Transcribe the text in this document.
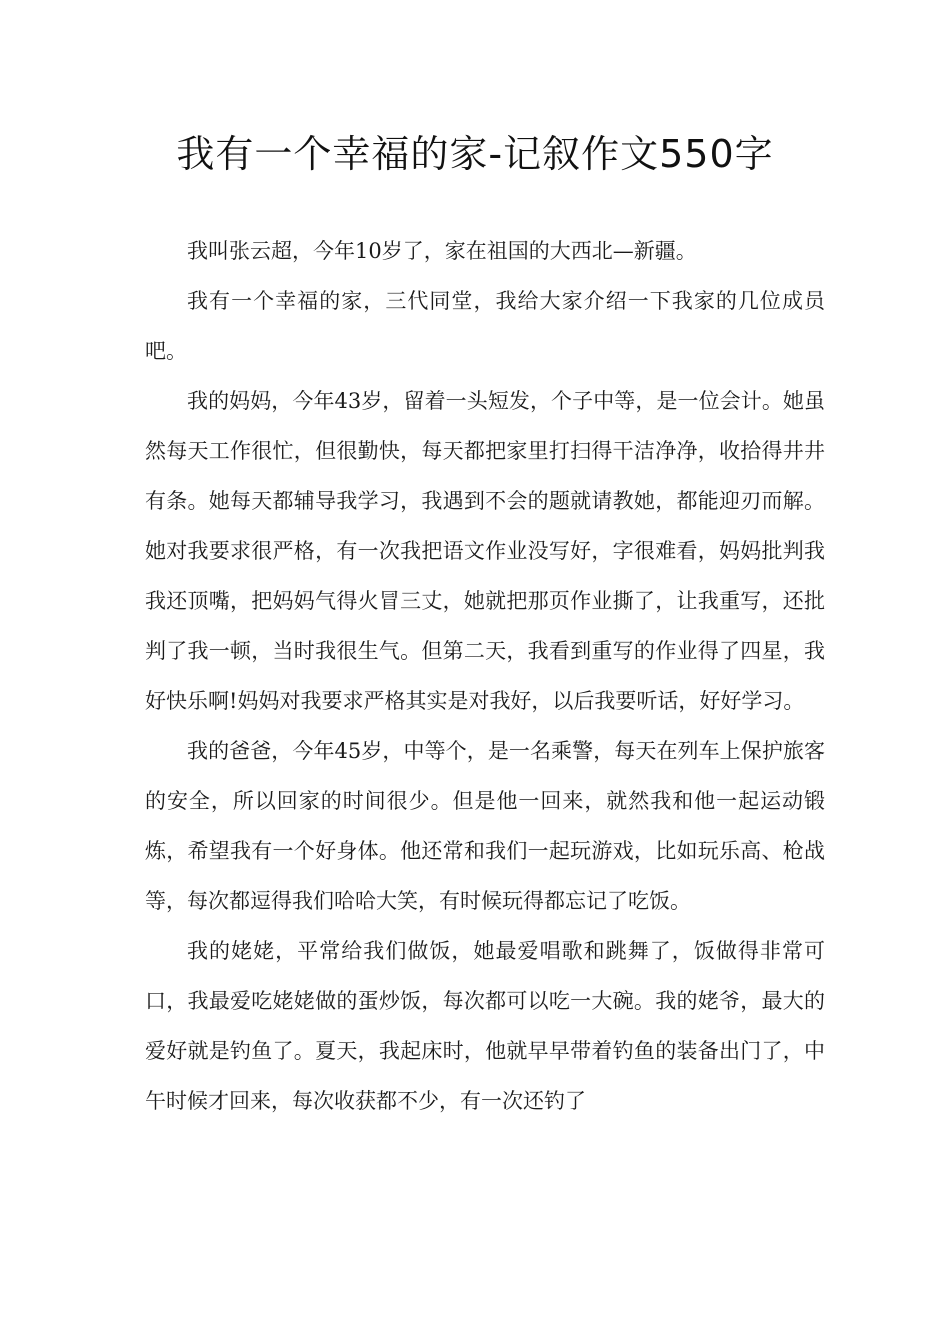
我有一个幸福的家-记叙作文550字

我叫张云超，今年10岁了，家在祖国的大西北—新疆。

我有一个幸福的家，三代同堂，我给大家介绍一下我家的几位成员吧。

我的妈妈，今年43岁，留着一头短发，个子中等，是一位会计。她虽然每天工作很忙，但很勤快，每天都把家里打扫得干洁净净，收拾得井井有条。她每天都辅导我学习，我遇到不会的题就请教她，都能迎刃而解。她对我要求很严格，有一次我把语文作业没写好，字很难看，妈妈批判我我还顶嘴，把妈妈气得火冒三丈，她就把那页作业撕了，让我重写，还批判了我一顿，当时我很生气。但第二天，我看到重写的作业得了四星，我好快乐啊!妈妈对我要求严格其实是对我好，以后我要听话，好好学习。

我的爸爸，今年45岁，中等个，是一名乘警，每天在列车上保护旅客的安全，所以回家的时间很少。但是他一回来，就然我和他一起运动锻炼，希望我有一个好身体。他还常和我们一起玩游戏，比如玩乐高、枪战等，每次都逗得我们哈哈大笑，有时候玩得都忘记了吃饭。

我的姥姥，平常给我们做饭，她最爱唱歌和跳舞了，饭做得非常可口，我最爱吃姥姥做的蛋炒饭，每次都可以吃一大碗。我的姥爷，最大的爱好就是钓鱼了。夏天，我起床时，他就早早带着钓鱼的装备出门了，中午时候才回来，每次收获都不少，有一次还钓了
